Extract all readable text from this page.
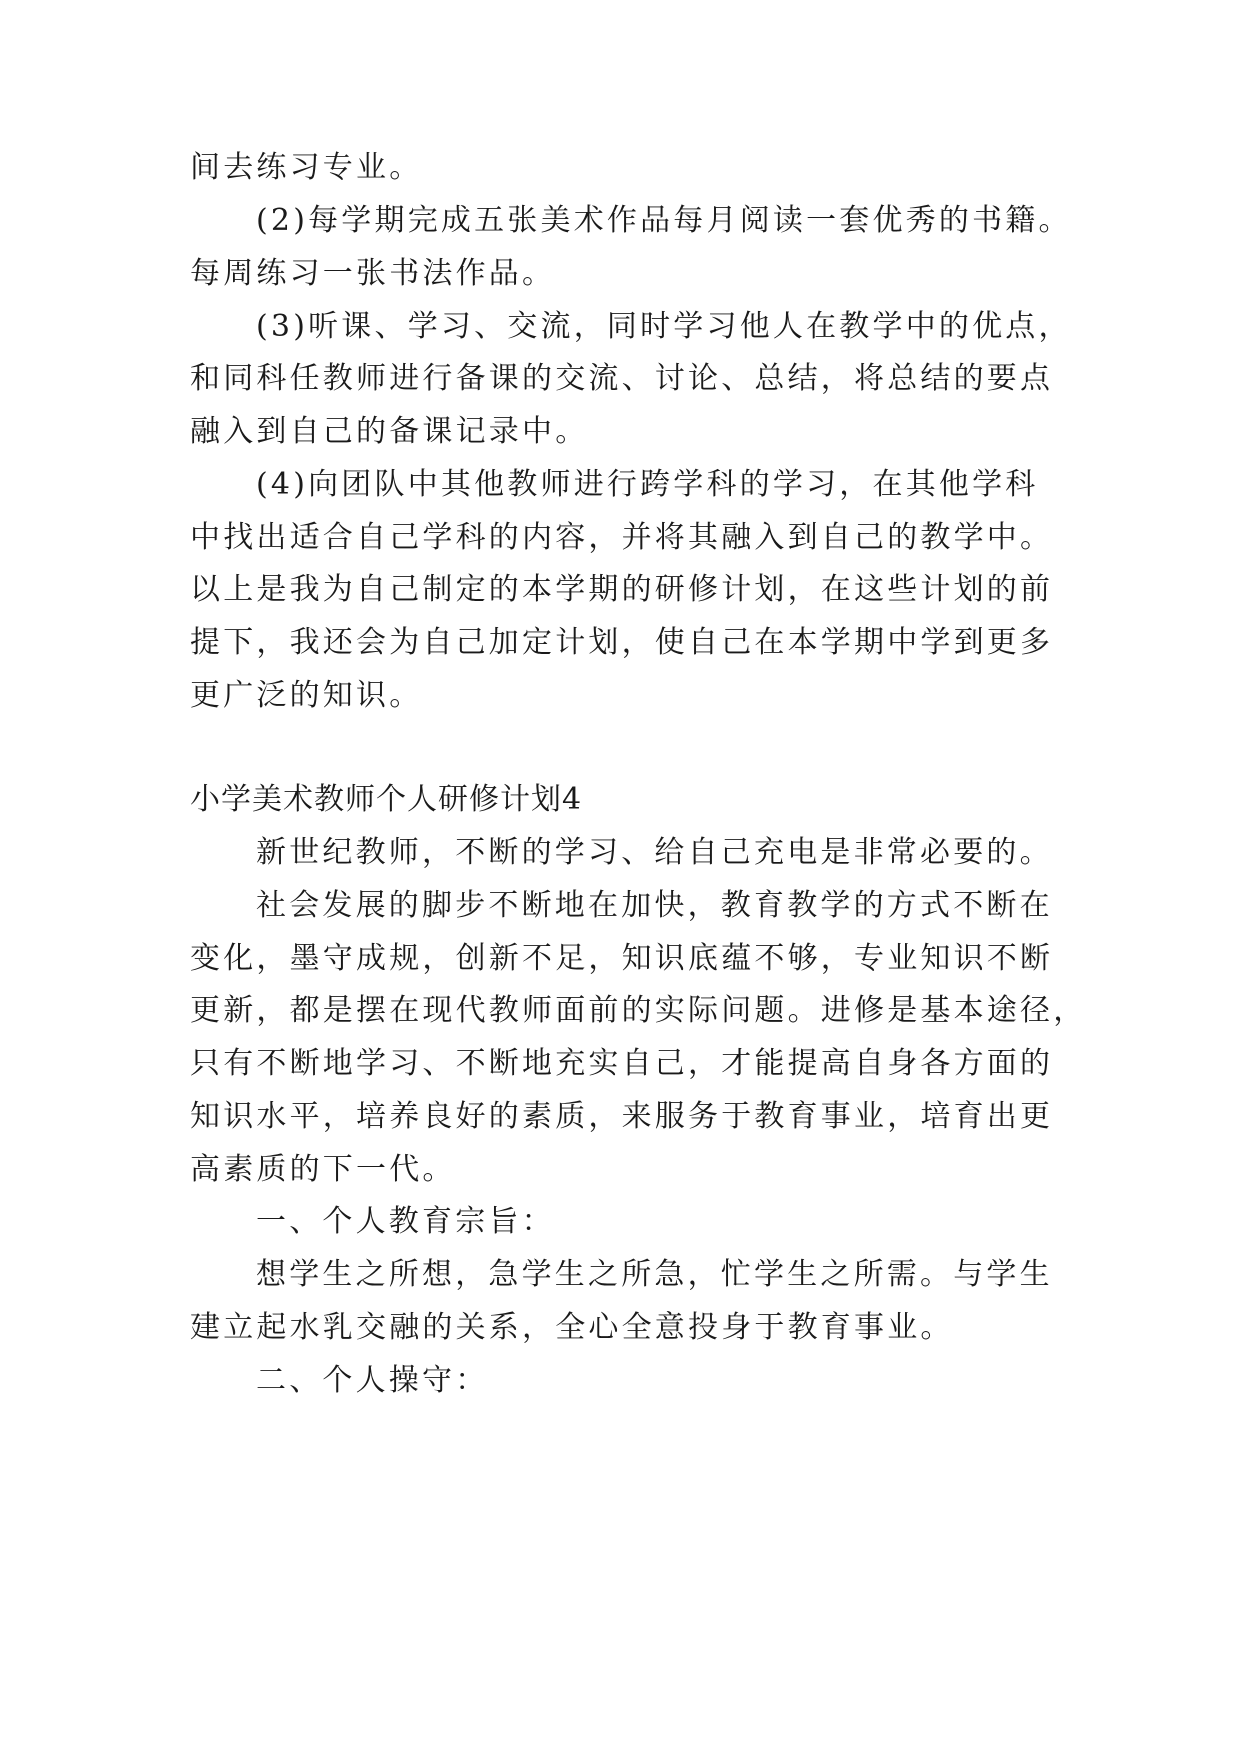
间去练习专业。
(2)每学期完成五张美术作品每月阅读一套优秀的书籍。
每周练习一张书法作品。
(3)听课、学习、交流，同时学习他人在教学中的优点，
和同科任教师进行备课的交流、讨论、总结，将总结的要点
融入到自己的备课记录中。
(4)向团队中其他教师进行跨学科的学习，在其他学科
中找出适合自己学科的内容，并将其融入到自己的教学中。
以上是我为自己制定的本学期的研修计划，在这些计划的前
提下，我还会为自己加定计划，使自己在本学期中学到更多
更广泛的知识。
小学美术教师个人研修计划4
新世纪教师，不断的学习、给自己充电是非常必要的。
社会发展的脚步不断地在加快，教育教学的方式不断在
变化，墨守成规，创新不足，知识底蕴不够，专业知识不断
更新，都是摆在现代教师面前的实际问题。进修是基本途径，
只有不断地学习、不断地充实自己，才能提高自身各方面的
知识水平，培养良好的素质，来服务于教育事业，培育出更
高素质的下一代。
一、个人教育宗旨：
想学生之所想，急学生之所急，忙学生之所需。与学生
建立起水乳交融的关系，全心全意投身于教育事业。
二、个人操守：
